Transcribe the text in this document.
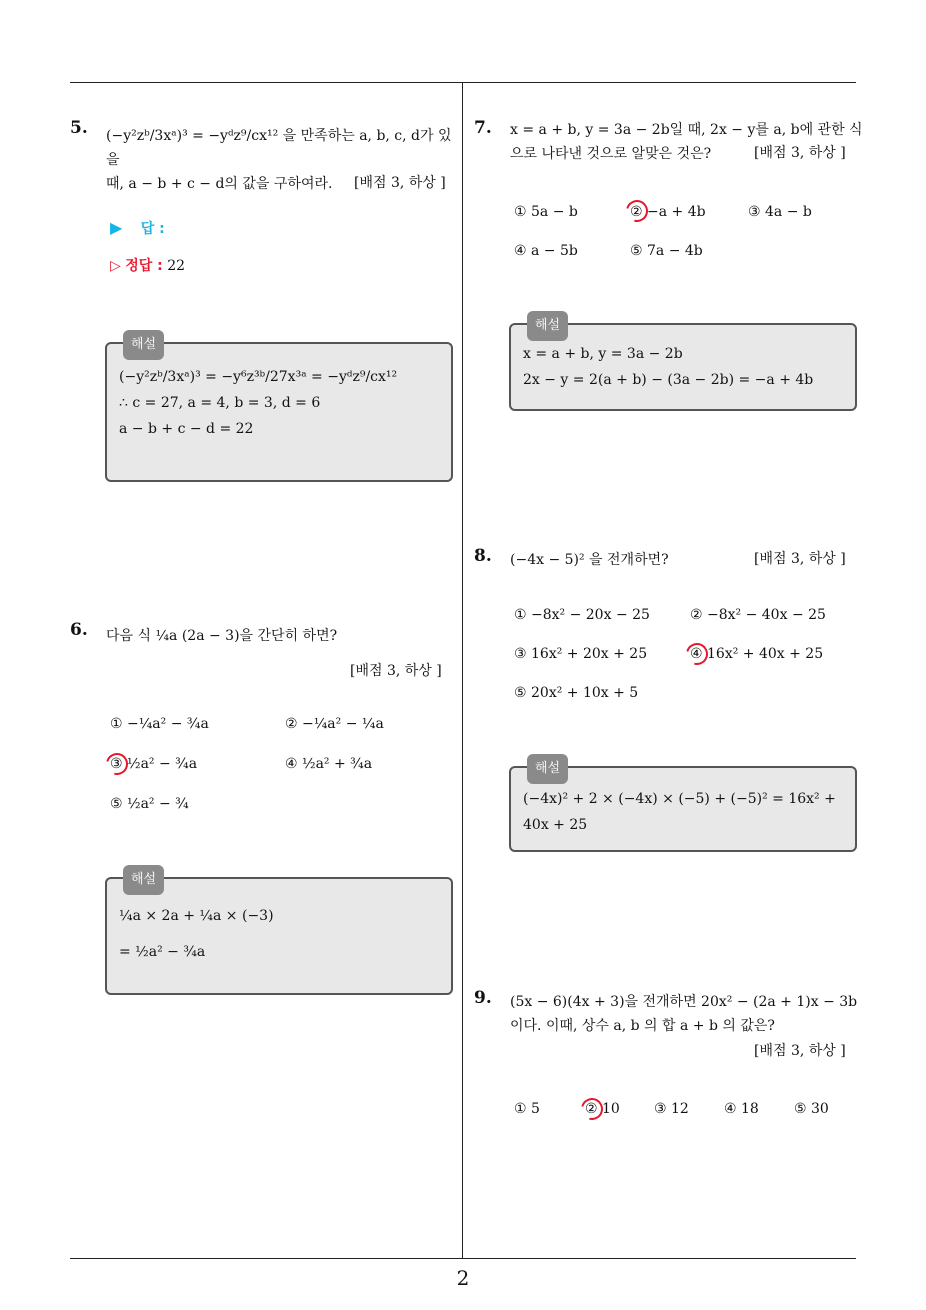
5. (−y²zᵇ/3xᵃ)³ = −yᵈz⁹/cx¹² 을 만족하는 a, b, c, d가 있을
때, a − b + c − d의 값을 구하여라. [배점 3, 하상 ]
▶ 답 :
▷ 정답 : 22
해설
(−y²zᵇ/3xᵃ)³ = −y⁶z³ᵇ/27x³ᵃ = −yᵈz⁹/cx¹²
∴ c = 27, a = 4, b = 3, d = 6
a − b + c − d = 22
6. 다음 식 ¼a (2a − 3)을 간단히 하면?
[배점 3, 하상 ]
① −¼a² − ¾a	② −¼a² − ¼a
③ ½a² − ¾a	④ ½a² + ¾a
⑤ ½a² − ¾
해설
¼a × 2a + ¼a × (−3)
= ½a² − ¾a
7. x = a + b, y = 3a − 2b일 때, 2x − y를 a, b에 관한 식
으로 나타낸 것으로 알맞은 것은?	[배점 3, 하상 ]
① 5a − b	② −a + 4b	③ 4a − b
④ a − 5b	⑤ 7a − 4b
해설
x = a + b, y = 3a − 2b
2x − y = 2(a + b) − (3a − 2b) = −a + 4b
8. (−4x − 5)² 을 전개하면?	[배점 3, 하상 ]
① −8x² − 20x − 25	② −8x² − 40x − 25
③ 16x² + 20x + 25	④ 16x² + 40x + 25
⑤ 20x² + 10x + 5
해설
(−4x)² + 2 × (−4x) × (−5) + (−5)² = 16x² +
40x + 25
9. (5x − 6)(4x + 3)을 전개하면 20x² − (2a + 1)x − 3b
이다. 이때, 상수 a, b 의 합 a + b 의 값은?
[배점 3, 하상 ]
① 5	② 10 ③ 12	④ 18	⑤ 30
2
